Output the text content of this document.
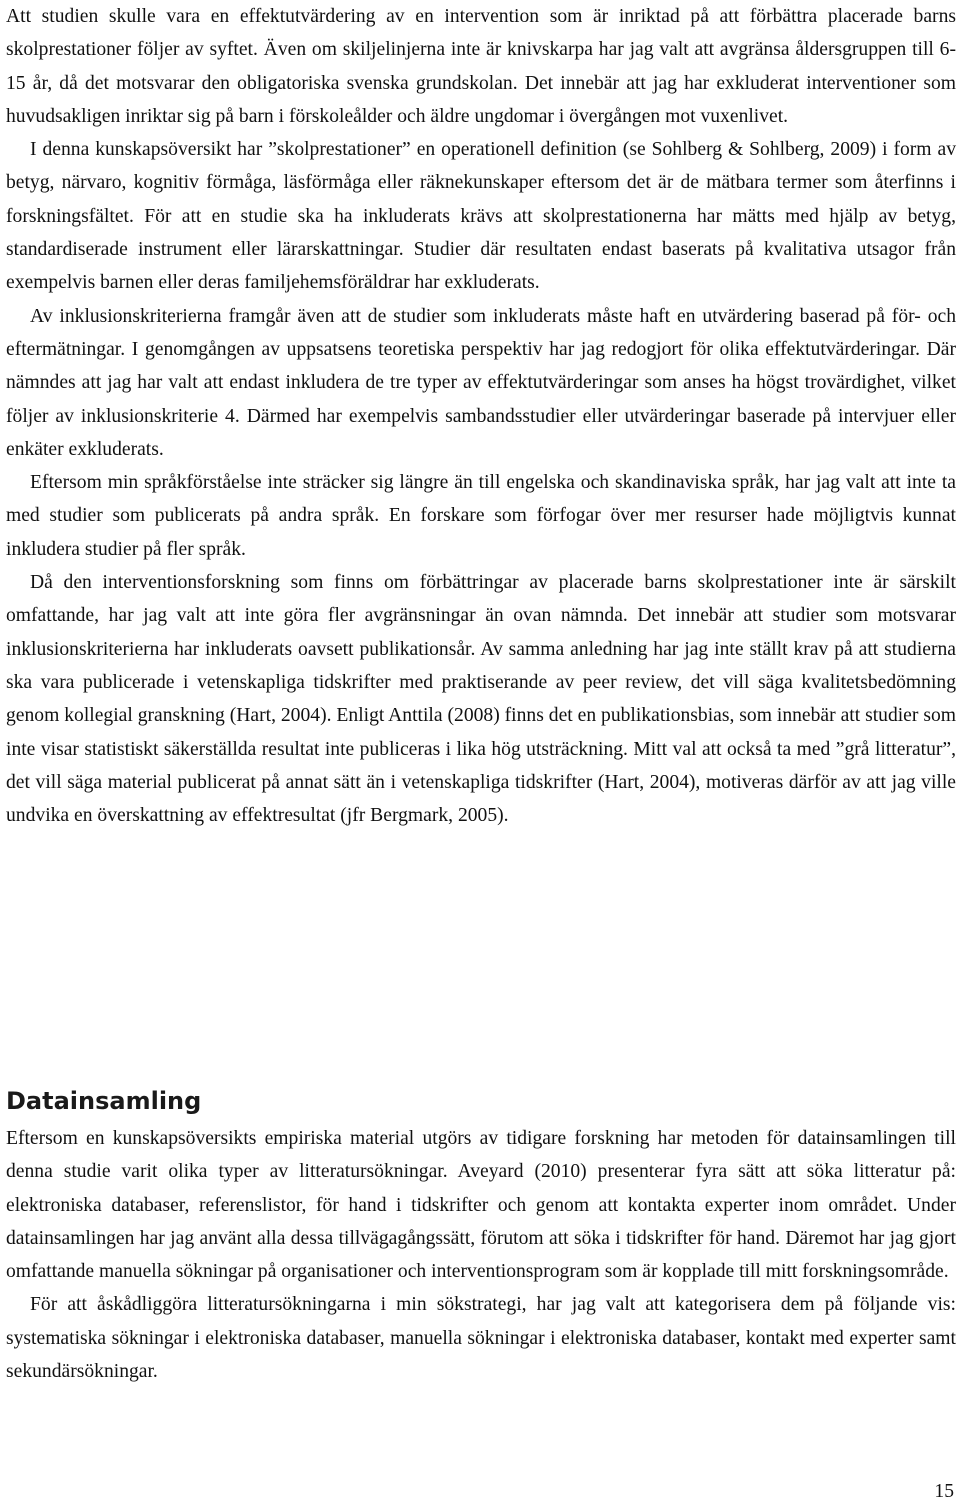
Att studien skulle vara en effektutvärdering av en intervention som är inriktad på att förbättra placerade barns skolprestationer följer av syftet. Även om skiljelinjerna inte är knivskarpa har jag valt att avgränsa åldersgruppen till 6-15 år, då det motsvarar den obligatoriska svenska grundskolan. Det innebär att jag har exkluderat interventioner som huvudsakligen inriktar sig på barn i förskoleålder och äldre ungdomar i övergången mot vuxenlivet.

I denna kunskapsöversikt har ”skolprestationer” en operationell definition (se Sohlberg & Sohlberg, 2009) i form av betyg, närvaro, kognitiv förmåga, läsförmåga eller räknekunskaper eftersom det är de mätbara termer som återfinns i forskningsfältet. För att en studie ska ha inkluderats krävs att skolprestationerna har mätts med hjälp av betyg, standardiserade instrument eller lärarskattningar. Studier där resultaten endast baserats på kvalitativa utsagor från exempelvis barnen eller deras familjehemsföräldrar har exkluderats.

Av inklusionskriterierna framgår även att de studier som inkluderats måste haft en utvärdering baserad på för- och eftermätningar. I genomgången av uppsatsens teoretiska perspektiv har jag redogjort för olika effektutvärderingar. Där nämndes att jag har valt att endast inkludera de tre typer av effektutvärderingar som anses ha högst trovärdighet, vilket följer av inklusionskriterie 4. Därmed har exempelvis sambandsstudier eller utvärderingar baserade på intervjuer eller enkäter exkluderats.

Eftersom min språkförståelse inte sträcker sig längre än till engelska och skandinaviska språk, har jag valt att inte ta med studier som publicerats på andra språk. En forskare som förfogar över mer resurser hade möjligtvis kunnat inkludera studier på fler språk.

Då den interventionsforskning som finns om förbättringar av placerade barns skolprestationer inte är särskilt omfattande, har jag valt att inte göra fler avgränsningar än ovan nämnda. Det innebär att studier som motsvarar inklusionskriterierna har inkluderats oavsett publikationsår. Av samma anledning har jag inte ställt krav på att studierna ska vara publicerade i vetenskapliga tidskrifter med praktiserande av peer review, det vill säga kvalitetsbedömning genom kollegial granskning (Hart, 2004). Enligt Anttila (2008) finns det en publikationsbias, som innebär att studier som inte visar statistiskt säkerställda resultat inte publiceras i lika hög utsträckning. Mitt val att också ta med ”grå litteratur”, det vill säga material publicerat på annat sätt än i vetenskapliga tidskrifter (Hart, 2004), motiveras därför av att jag ville undvika en överskattning av effektresultat (jfr Bergmark, 2005).

Datainsamling

Eftersom en kunskapsöversikts empiriska material utgörs av tidigare forskning har metoden för datainsamlingen till denna studie varit olika typer av litteratursökningar. Aveyard (2010) presenterar fyra sätt att söka litteratur på: elektroniska databaser, referenslistor, för hand i tidskrifter och genom att kontakta experter inom området. Under datainsamlingen har jag använt alla dessa tillvägagångssätt, förutom att söka i tidskrifter för hand. Däremot har jag gjort omfattande manuella sökningar på organisationer och interventionsprogram som är kopplade till mitt forskningsområde.

För att åskådliggöra litteratursökningarna i min sökstrategi, har jag valt att kategorisera dem på följande vis: systematiska sökningar i elektroniska databaser, manuella sökningar i elektroniska databaser, kontakt med experter samt sekundärsökningar.

15
